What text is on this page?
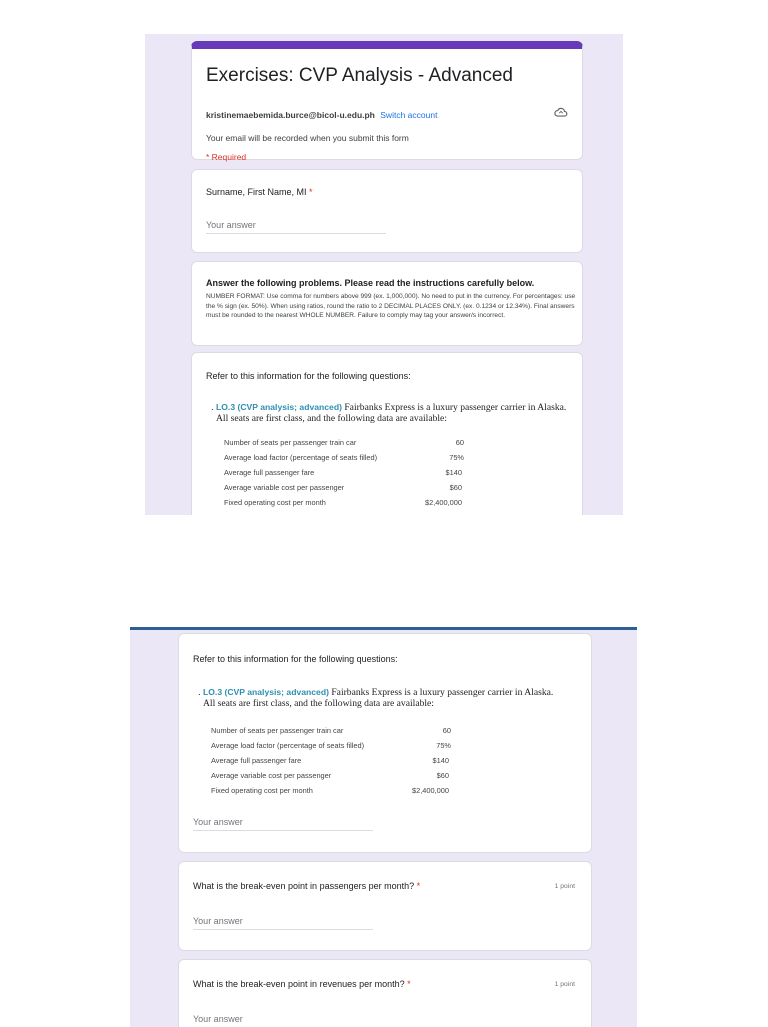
Exercises: CVP Analysis - Advanced
kristinemaebemida.burce@bicol-u.edu.ph Switch account
Your email will be recorded when you submit this form
* Required
Surname, First Name, MI *
Your answer
Answer the following problems. Please read the instructions carefully below.
NUMBER FORMAT: Use comma for numbers above 999 (ex. 1,000,000). No need to put in the currency. For percentages: use the % sign (ex. 50%). When using ratios, round the ratio to 2 DECIMAL PLACES ONLY. (ex. 0.1234 or 12.34%). Final answers must be rounded to the nearest WHOLE NUMBER. Failure to comply may tag your answer/s incorrect.
Refer to this information for the following questions:
. LO.3 (CVP analysis; advanced) Fairbanks Express is a luxury passenger carrier in Alaska. All seats are first class, and the following data are available:
Number of seats per passenger train car	60
Average load factor (percentage of seats filled)	75%
Average full passenger fare	$140
Average variable cost per passenger	$60
Fixed operating cost per month	$2,400,000
Refer to this information for the following questions:
. LO.3 (CVP analysis; advanced) Fairbanks Express is a luxury passenger carrier in Alaska. All seats are first class, and the following data are available:
Number of seats per passenger train car	60
Average load factor (percentage of seats filled)	75%
Average full passenger fare	$140
Average variable cost per passenger	$60
Fixed operating cost per month	$2,400,000
Your answer
What is the break-even point in passengers per month? *	1 point
Your answer
What is the break-even point in revenues per month? *	1 point
Your answer
